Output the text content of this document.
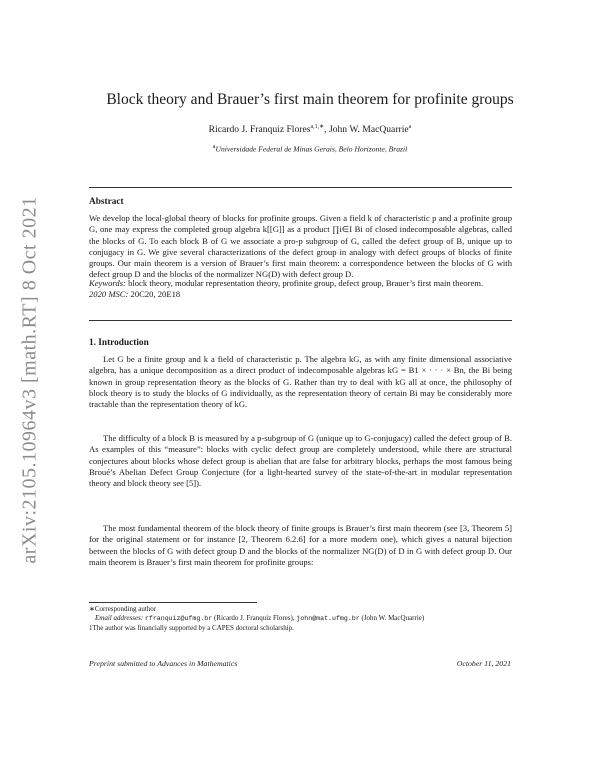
arXiv:2105.10964v3 [math.RT] 8 Oct 2021
Block theory and Brauer’s first main theorem for profinite groups
Ricardo J. Franquiz Flores$^{a,1,∗}$, John W. MacQuarrie$^a$
$^a$Universidade Federal de Minas Gerais, Belo Horizonte, Brazil
Abstract
We develop the local-global theory of blocks for profinite groups. Given a field k of characteristic p and a profinite group G, one may express the completed group algebra k[[G]] as a product ∏i∈I Bi of closed indecomposable algebras, called the blocks of G. To each block B of G we associate a pro-p subgroup of G, called the defect group of B, unique up to conjugacy in G. We give several characterizations of the defect group in analogy with defect groups of blocks of finite groups. Our main theorem is a version of Brauer’s first main theorem: a correspondence between the blocks of G with defect group D and the blocks of the normalizer NG(D) with defect group D.
Keywords: block theory, modular representation theory, profinite group, defect group, Brauer’s first main theorem.
2020 MSC: 20C20, 20E18
1. Introduction
Let G be a finite group and k a field of characteristic p. The algebra kG, as with any finite dimensional associative algebra, has a unique decomposition as a direct product of indecomposable algebras kG = B1 × · · · × Bn, the Bi being known in group representation theory as the blocks of G. Rather than try to deal with kG all at once, the philosophy of block theory is to study the blocks of G individually, as the representation theory of certain Bi may be considerably more tractable than the representation theory of kG.
The difficulty of a block B is measured by a p-subgroup of G (unique up to G-conjugacy) called the defect group of B. As examples of this “measure”: blocks with cyclic defect group are completely understood, while there are structural conjectures about blocks whose defect group is abelian that are false for arbitrary blocks, perhaps the most famous being Broué’s Abelian Defect Group Conjecture (for a light-hearted survey of the state-of-the-art in modular representation theory and block theory see [5]).
The most fundamental theorem of the block theory of finite groups is Brauer’s first main theorem (see [3, Theorem 5] for the original statement or for instance [2, Theorem 6.2.6] for a more modern one), which gives a natural bijection between the blocks of G with defect group D and the blocks of the normalizer NG(D) of D in G with defect group D. Our main theorem is Brauer’s first main theorem for profinite groups:
∗Corresponding author
Email addresses: rfranquiz@ufmg.br (Ricardo J. Franquiz Flores), john@mat.ufmg.br (John W. MacQuarrie)
1The author was financially supported by a CAPES doctoral scholarship.
Preprint submitted to Advances in Mathematics	October 11, 2021
